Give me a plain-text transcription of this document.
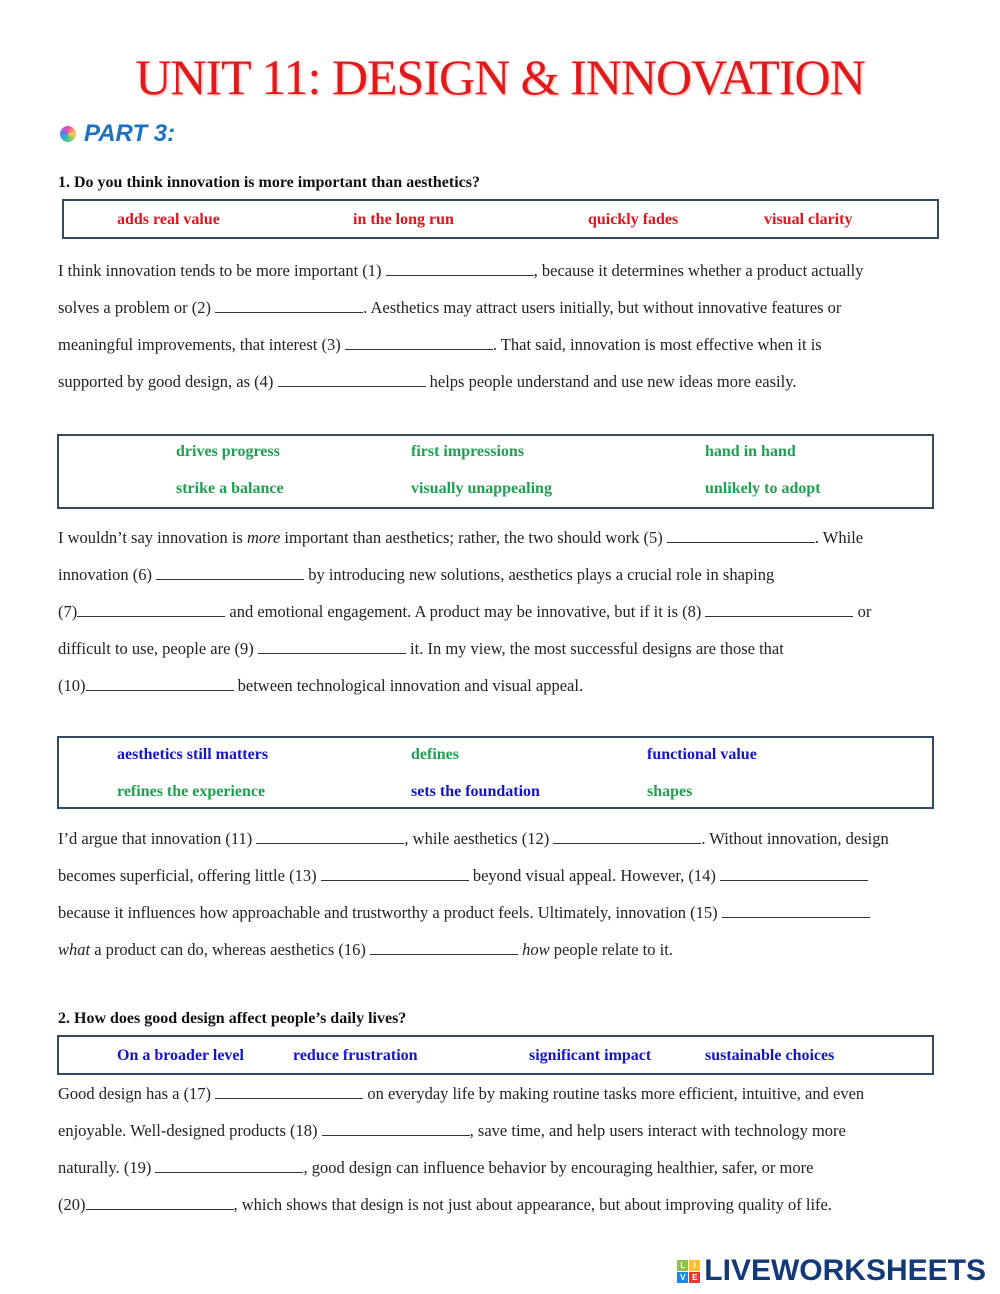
UNIT 11: DESIGN & INNOVATION
PART 3:
1. Do you think innovation is more important than aesthetics?
adds real value	in the long run	quickly fades	visual clarity
I think innovation tends to be more important (1)	, because it determines whether a product actually
solves a problem or (2)	. Aesthetics may attract users initially, but without innovative features or
meaningful improvements, that interest (3)	. That said, innovation is most effective when it is
supported by good design, as (4)	helps people understand and use new ideas more easily.
drives progress	first impressions	hand in hand
strike a balance	visually unappealing	unlikely to adopt
I wouldn’t say innovation is more important than aesthetics; rather, the two should work (5)	. While
innovation (6)	by introducing new solutions, aesthetics plays a crucial role in shaping
(7)	and emotional engagement. A product may be innovative, but if it is (8)	or
difficult to use, people are (9)	it. In my view, the most successful designs are those that
(10)	between technological innovation and visual appeal.
aesthetics still matters	defines	functional value
refines the experience	sets the foundation	shapes
I’d argue that innovation (11)	, while aesthetics (12)	. Without innovation, design
becomes superficial, offering little (13)	beyond visual appeal. However, (14)
because it influences how approachable and trustworthy a product feels. Ultimately, innovation (15)
what a product can do, whereas aesthetics (16)	how people relate to it.
2. How does good design affect people’s daily lives?
On a broader level	reduce frustration	significant impact	sustainable choices
Good design has a (17)	on everyday life by making routine tasks more efficient, intuitive, and even
enjoyable. Well-designed products (18)	, save time, and help users interact with technology more
naturally. (19)	, good design can influence behavior by encouraging healthier, safer, or more
(20)	, which shows that design is not just about appearance, but about improving quality of life.
L	I
V E LIVEWORKSHEETS
